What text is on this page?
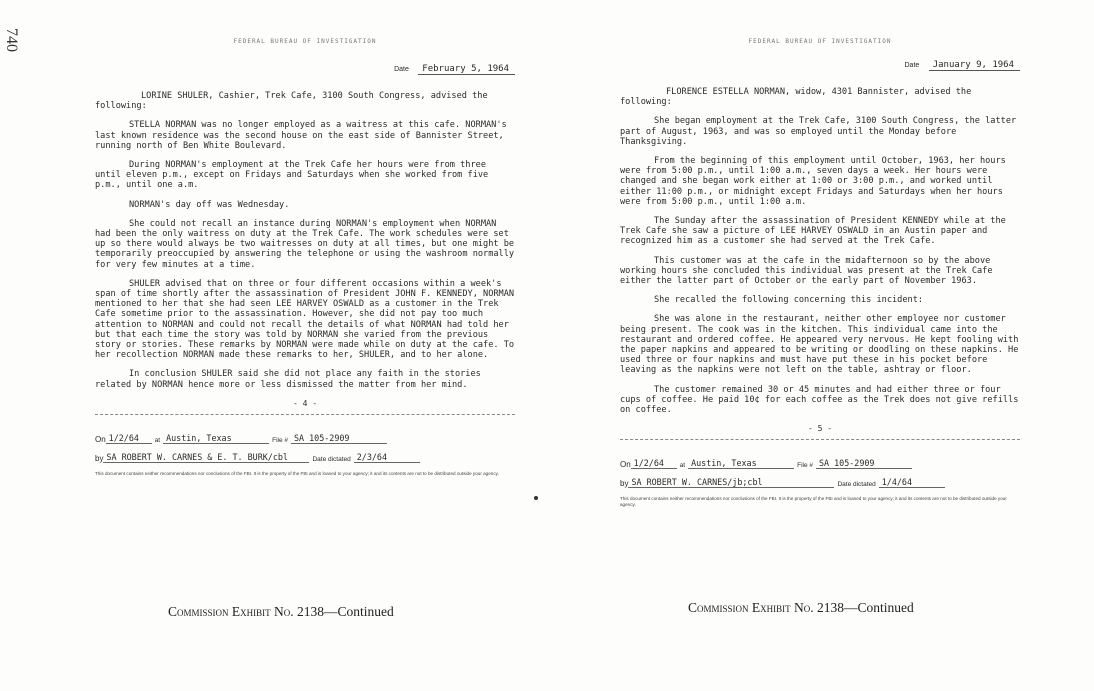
740	FEDERAL BUREAU OF INVESTIGATION
Date February 5, 1964

LORINE SHULER, Cashier, Trek Cafe, 3100 South Congress, advised the following:

STELLA NORMAN was no longer employed as a waitress at this cafe. NORMAN's last known residence was the second house on the east side of Bannister Street, running north of Ben White Boulevard.

During NORMAN's employment at the Trek Cafe her hours were from three until eleven p.m., except on Fridays and Saturdays when she worked from five p.m., until one a.m.

NORMAN's day off was Wednesday.

She could not recall an instance during NORMAN's employment when NORMAN had been the only waitress on duty at the Trek Cafe. The work schedules were set up so there would always be two waitresses on duty at all times, but one might be temporarily preoccupied by answering the telephone or using the washroom normally for very few minutes at a time.

SHULER advised that on three or four different occasions within a week's span of time shortly after the assassination of President JOHN F. KENNEDY, NORMAN mentioned to her that she had seen LEE HARVEY OSWALD as a customer in the Trek Cafe sometime prior to the assassination. However, she did not pay too much attention to NORMAN and could not recall the details of what NORMAN had told her but that each time the story was told by NORMAN she varied from the previous story or stories. These remarks by NORMAN were made while on duty at the cafe. To her recollection NORMAN made these remarks to her, SHULER, and to her alone.

In conclusion SHULER said she did not place any faith in the stories related by NORMAN hence more or less dismissed the matter from her mind.

- 4 -
On 1/2/64	at Austin, Texas	File # SA 105-2909
by SA ROBERT W. CARNES & E. T. BURK/cbl	Date dictated 2/3/64
This document contains neither recommendations nor conclusions of the FBI. It is the property of the FBI and is loaned to your agency; it and its contents are not to be distributed outside your agency.
FEDERAL BUREAU OF INVESTIGATION
Date January 9, 1964

FLORENCE ESTELLA NORMAN, widow, 4301 Bannister, advised the following:

She began employment at the Trek Cafe, 3100 South Congress, the latter part of August, 1963, and was so employed until the Monday before Thanksgiving.

From the beginning of this employment until October, 1963, her hours were from 5:00 p.m., until 1:00 a.m., seven days a week. Her hours were changed and she began work either at 1:00 or 3:00 p.m., and worked until either 11:00 p.m., or midnight except Fridays and Saturdays when her hours were from 5:00 p.m., until 1:00 a.m.

The Sunday after the assassination of President KENNEDY while at the Trek Cafe she saw a picture of LEE HARVEY OSWALD in an Austin paper and recognized him as a customer she had served at the Trek Cafe.

This customer was at the cafe in the midafternoon so by the above working hours she concluded this individual was present at the Trek Cafe either the latter part of October or the early part of November 1963.

She recalled the following concerning this incident:

She was alone in the restaurant, neither other employee nor customer being present. The cook was in the kitchen. This individual came into the restaurant and ordered coffee. He appeared very nervous. He kept fooling with the paper napkins and appeared to be writing or doodling on these napkins. He used three or four napkins and must have put these in his pocket before leaving as the napkins were not left on the table, ashtray or floor.

The customer remained 30 or 45 minutes and had either three or four cups of coffee. He paid 10¢ for each coffee as the Trek does not give refills on coffee.

- 5 -
On 1/2/64	at Austin, Texas	File # SA 105-2909
by SA ROBERT W. CARNES/jb;cbl	Date dictated 1/4/64
This document contains neither recommendations nor conclusions of the FBI. It is the property of the FBI and is loaned to your agency; it and its contents are not to be distributed outside your agency.
Commission Exhibit No. 2138—Continued	Commission Exhibit No. 2138—Continued
